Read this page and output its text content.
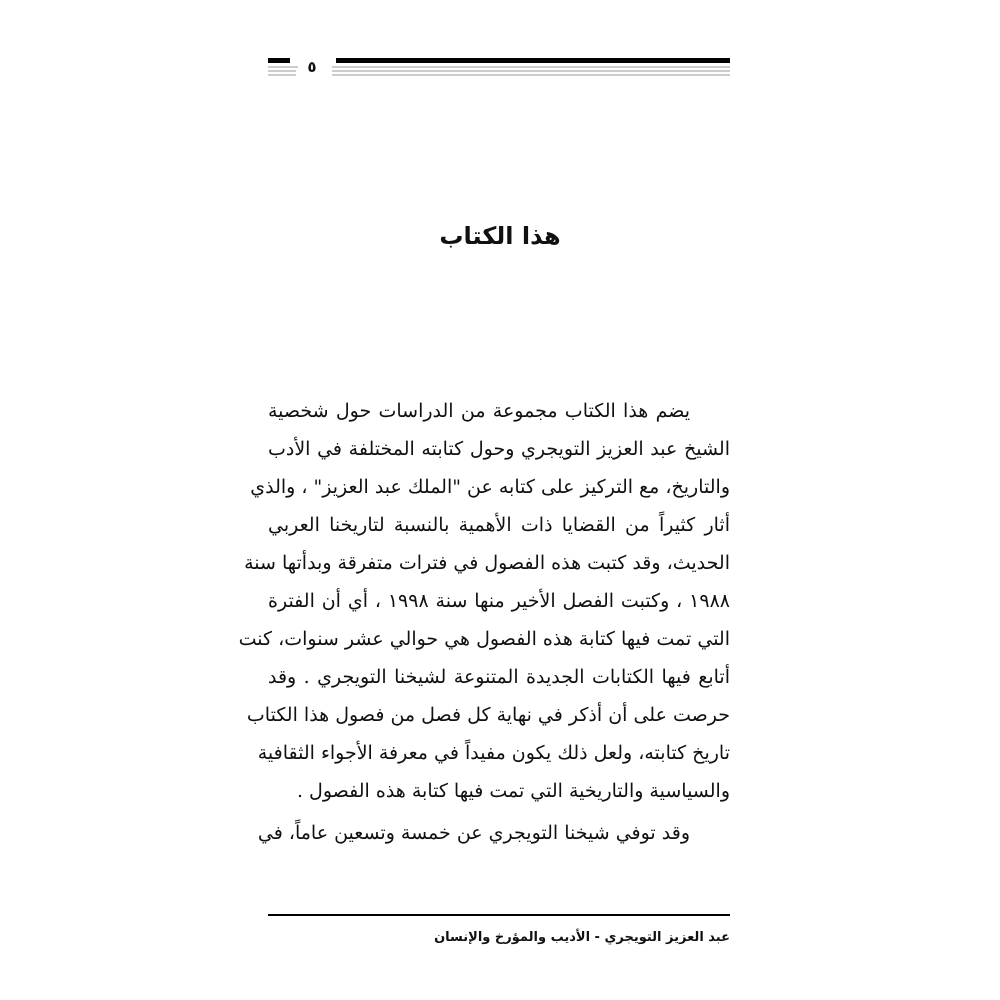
٥
هذا الكتاب
يضم هذا الكتاب مجموعة من الدراسات حول شخصية
الشيخ عبد العزيز التويجري وحول كتابته المختلفة في الأدب
والتاريخ، مع التركيز على كتابه عن "الملك عبد العزيز" ، والذي
أثار كثيراً من القضايا ذات الأهمية بالنسبة لتاريخنا العربي
الحديث، وقد كتبت هذه الفصول في فترات متفرقة وبدأتها سنة
١٩٨٨ ، وكتبت الفصل الأخير منها سنة ١٩٩٨ ، أي أن الفترة
التي تمت فيها كتابة هذه الفصول هي حوالي عشر سنوات، كنت
أتابع فيها الكتابات الجديدة المتنوعة لشيخنا التويجري . وقد
حرصت على أن أذكر في نهاية كل فصل من فصول هذا الكتاب
تاريخ كتابته، ولعل ذلك يكون مفيداً في معرفة الأجواء الثقافية
والسياسية والتاريخية التي تمت فيها كتابة هذه الفصول .
وقد توفي شيخنا التويجري عن خمسة وتسعين عاماً، في
عبد العزيز التويجري - الأديب والمؤرخ والإنسان
